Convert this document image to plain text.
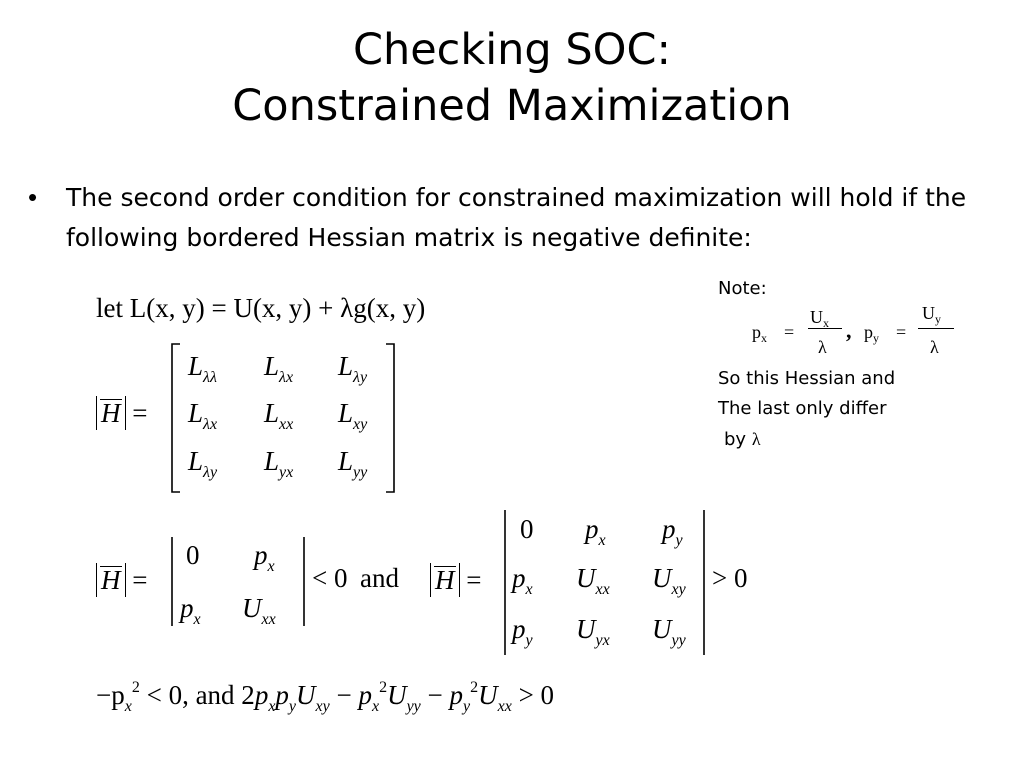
Checking SOC:
Constrained Maximization
• The second order condition for constrained maximization will hold if the following bordered Hessian matrix is negative definite:
Note:
$p_x$ =
$U_x$
λ
, $p_y$ =
$U_y$
λ
So this Hessian and
The last only differ
by λ
let L(x, y) = U(x, y) + λg(x, y)
H =
$L_{\lambda\lambda}$ $L_{\lambda x}$ $L_{\lambda y}$
$L_{\lambda x}$ $L_{xx}$ $L_{xy}$
$L_{\lambda y}$ $L_{yx}$ $L_{yy}$
H =
0 $p_x$
$p_x$ $U_{xx}$
< 0 and H =
0 $p_x$ $p_y$
$p_x$ $U_{xx}$ $U_{xy}$
$p_y$ $U_{yx}$ $U_{yy}$
> 0
$-p_x^2 < 0$, and $2p_xp_yU_{xy} - p_x^2U_{yy} - p_y^2U_{xx} > 0$
